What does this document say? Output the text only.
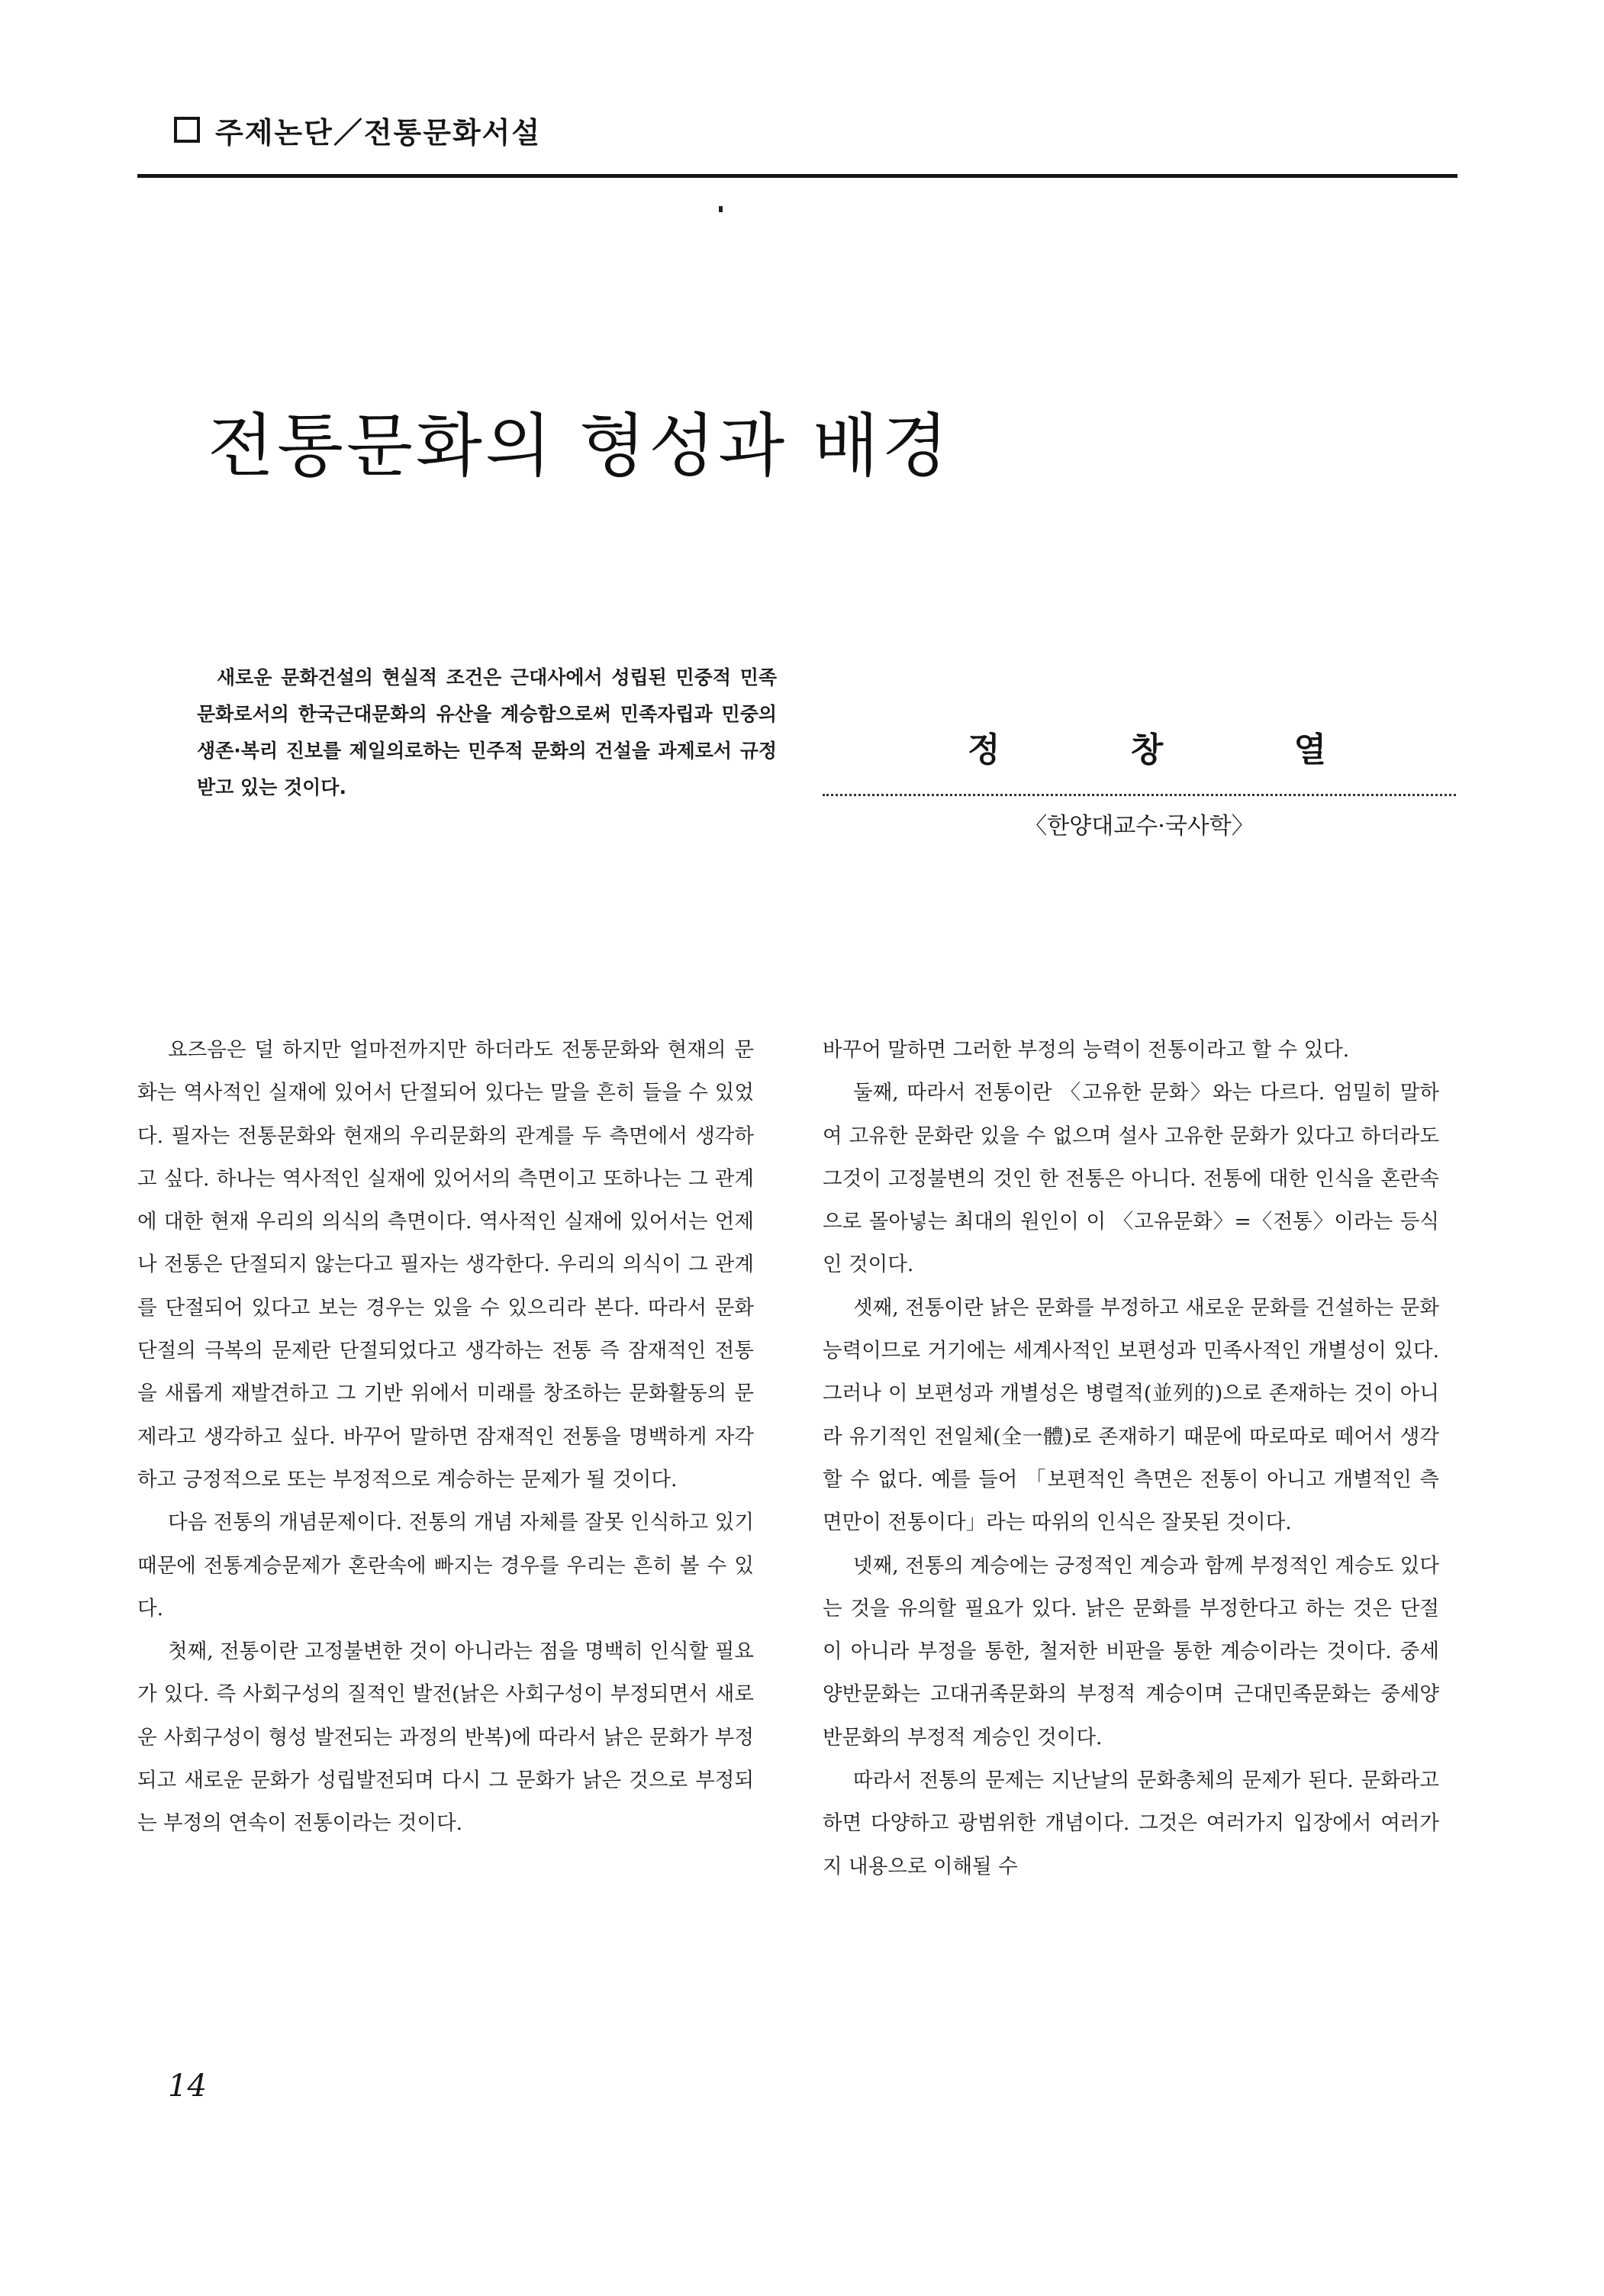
주제논단／전통문화서설
전통문화의 형성과 배경

새로운 문화건설의 현실적 조건은 근대사에서 성립된 민중적 민족문화로서의 한국근대문화의 유산을 계승함으로써 민족자립과 민중의 생존·복리 진보를 제일의로하는 민주적 문화의 건설을 과제로서 규정받고 있는 것이다.

정	창	열
〈한양대교수·국사학〉

요즈음은 덜 하지만 얼마전까지만 하더라도 전통문화와 현재의 문화는 역사적인 실재에 있어서 단절되어 있다는 말을 흔히 들을 수 있었다. 필자는 전통문화와 현재의 우리문화의 관계를 두 측면에서 생각하고 싶다. 하나는 역사적인 실재에 있어서의 측면이고 또하나는 그 관계에 대한 현재 우리의 의식의 측면이다. 역사적인 실재에 있어서는 언제나 전통은 단절되지 않는다고 필자는 생각한다. 우리의 의식이 그 관계를 단절되어 있다고 보는 경우는 있을 수 있으리라 본다. 따라서 문화단절의 극복의 문제란 단절되었다고 생각하는 전통 즉 잠재적인 전통을 새롭게 재발견하고 그 기반 위에서 미래를 창조하는 문화활동의 문제라고 생각하고 싶다. 바꾸어 말하면 잠재적인 전통을 명백하게 자각하고 긍정적으로 또는 부정적으로 계승하는 문제가 될 것이다.

다음 전통의 개념문제이다. 전통의 개념 자체를 잘못 인식하고 있기 때문에 전통계승문제가 혼란속에 빠지는 경우를 우리는 흔히 볼 수 있다.

첫째, 전통이란 고정불변한 것이 아니라는 점을 명백히 인식할 필요가 있다. 즉 사회구성의 질적인 발전(낡은 사회구성이 부정되면서 새로운 사회구성이 형성 발전되는 과정의 반복)에 따라서 낡은 문화가 부정되고 새로운 문화가 성립발전되며 다시 그 문화가 낡은 것으로 부정되는 부정의 연속이 전통이라는 것이다.

바꾸어 말하면 그러한 부정의 능력이 전통이라고 할 수 있다.

둘째, 따라서 전통이란 〈고유한 문화〉와는 다르다. 엄밀히 말하여 고유한 문화란 있을 수 없으며 설사 고유한 문화가 있다고 하더라도 그것이 고정불변의 것인 한 전통은 아니다. 전통에 대한 인식을 혼란속으로 몰아넣는 최대의 원인이 이 〈고유문화〉=〈전통〉이라는 등식인 것이다.

셋째, 전통이란 낡은 문화를 부정하고 새로운 문화를 건설하는 문화능력이므로 거기에는 세계사적인 보편성과 민족사적인 개별성이 있다. 그러나 이 보편성과 개별성은 병렬적(並列的)으로 존재하는 것이 아니라 유기적인 전일체(全一體)로 존재하기 때문에 따로따로 떼어서 생각할 수 없다. 예를 들어 「보편적인 측면은 전통이 아니고 개별적인 측면만이 전통이다」라는 따위의 인식은 잘못된 것이다.

넷째, 전통의 계승에는 긍정적인 계승과 함께 부정적인 계승도 있다는 것을 유의할 필요가 있다. 낡은 문화를 부정한다고 하는 것은 단절이 아니라 부정을 통한, 철저한 비판을 통한 계승이라는 것이다. 중세양반문화는 고대귀족문화의 부정적 계승이며 근대민족문화는 중세양반문화의 부정적 계승인 것이다.

따라서 전통의 문제는 지난날의 문화총체의 문제가 된다. 문화라고 하면 다양하고 광범위한 개념이다. 그것은 여러가지 입장에서 여러가지 내용으로 이해될 수

14
